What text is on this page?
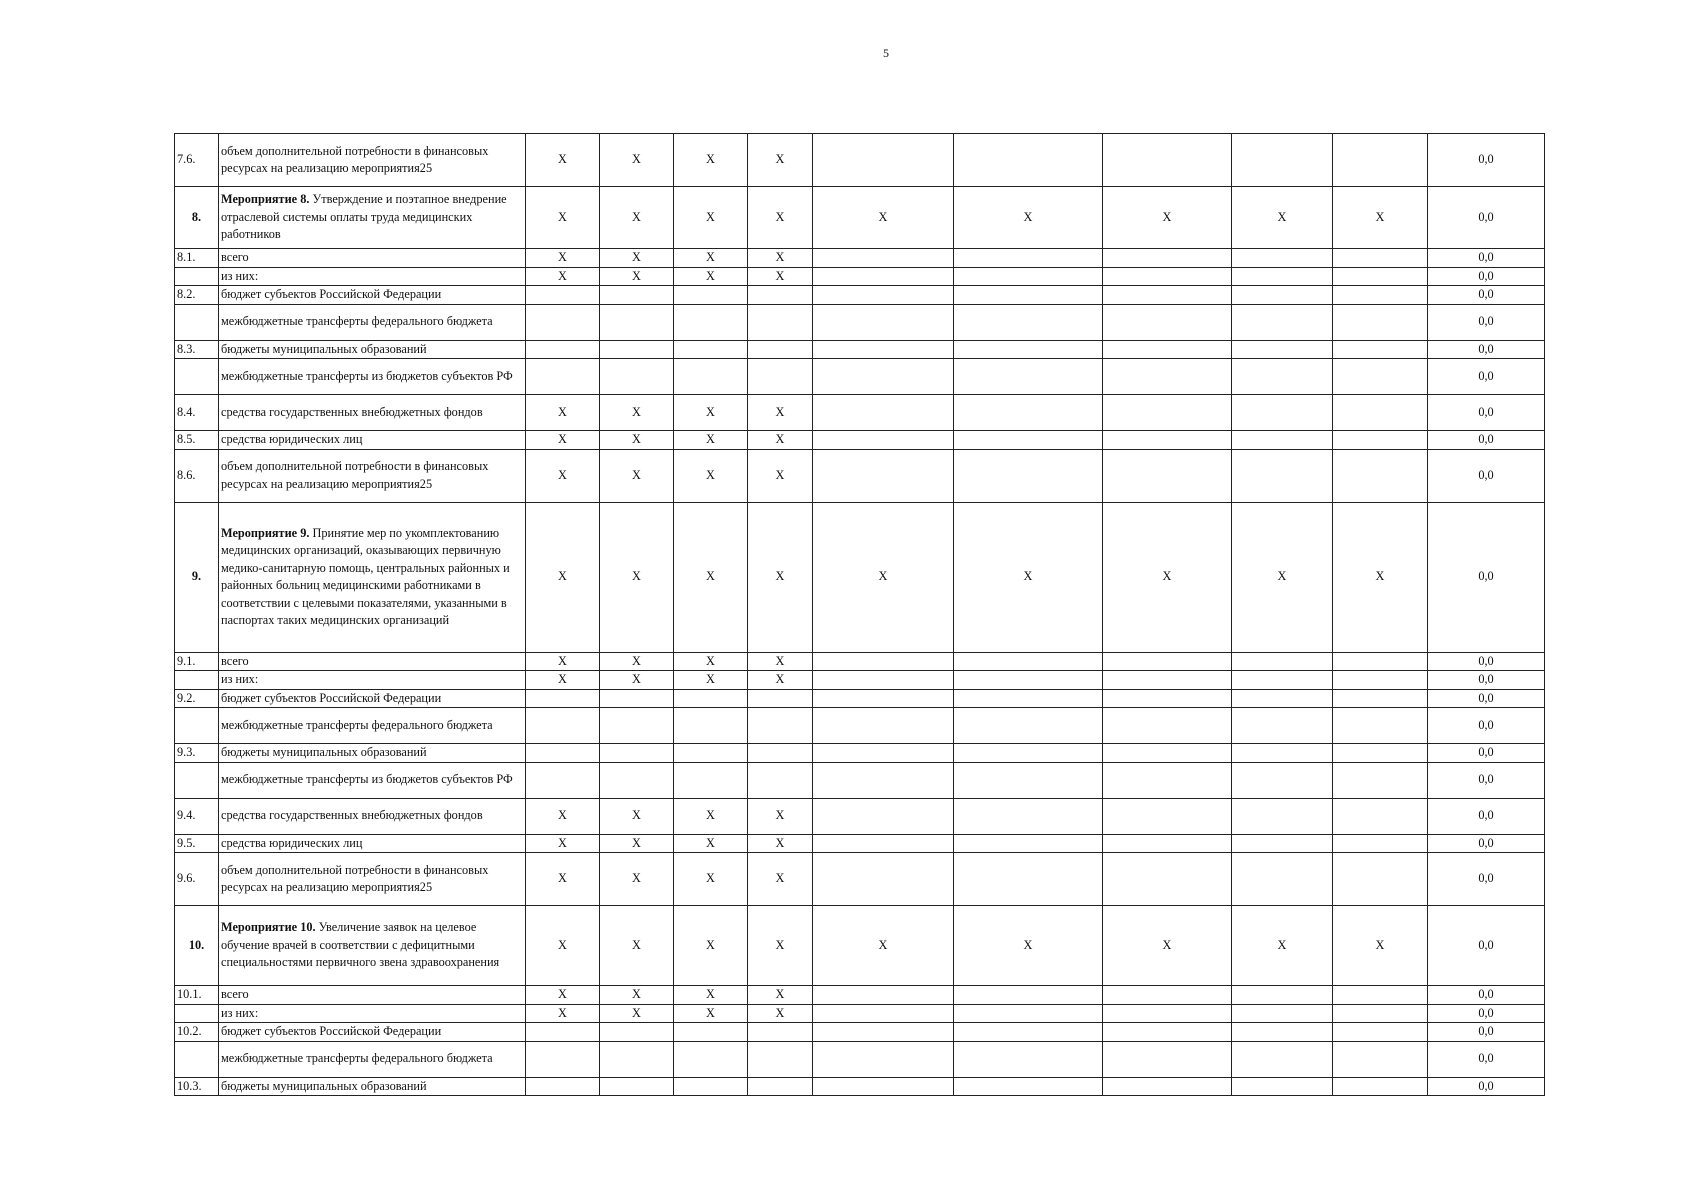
5
7.6.	объем дополнительной потребности в финансовых ресурсах на реализацию мероприятия25	X	X	X	X						0,0
8.	Мероприятие 8. Утверждение и поэтапное внедрение отраслевой системы оплаты труда медицинских работников	X	X	X	X	X	X	X	X	X	0,0
8.1.	всего	X	X	X	X						0,0
	из них:	X	X	X	X						0,0
8.2.	бюджет субъектов Российской Федерации										0,0
	межбюджетные трансферты федерального бюджета										0,0
8.3.	бюджеты муниципальных образований										0,0
	межбюджетные трансферты из бюджетов субъектов РФ										0,0
8.4.	средства государственных внебюджетных фондов	X	X	X	X						0,0
8.5.	средства юридических лиц	X	X	X	X						0,0
8.6.	объем дополнительной потребности в финансовых ресурсах на реализацию мероприятия25	X	X	X	X						0,0
9.	Мероприятие 9. Принятие мер по укомплектованию медицинских организаций, оказывающих первичную медико-санитарную помощь, центральных районных и районных больниц медицинскими работниками в соответствии с целевыми показателями, указанными в паспортах таких медицинских организаций	X	X	X	X	X	X	X	X	X	0,0
9.1.	всего	X	X	X	X						0,0
	из них:	X	X	X	X						0,0
9.2.	бюджет субъектов Российской Федерации										0,0
	межбюджетные трансферты федерального бюджета										0,0
9.3.	бюджеты муниципальных образований										0,0
	межбюджетные трансферты из бюджетов субъектов РФ										0,0
9.4.	средства государственных внебюджетных фондов	X	X	X	X						0,0
9.5.	средства юридических лиц	X	X	X	X						0,0
9.6.	объем дополнительной потребности в финансовых ресурсах на реализацию мероприятия25	X	X	X	X						0,0
10.	Мероприятие 10. Увеличение заявок на целевое обучение врачей в соответствии с дефицитными специальностями первичного звена здравоохранения	X	X	X	X	X	X	X	X	X	0,0
10.1.	всего	X	X	X	X						0,0
	из них:	X	X	X	X						0,0
10.2.	бюджет субъектов Российской Федерации										0,0
	межбюджетные трансферты федерального бюджета										0,0
10.3.	бюджеты муниципальных образований										0,0
